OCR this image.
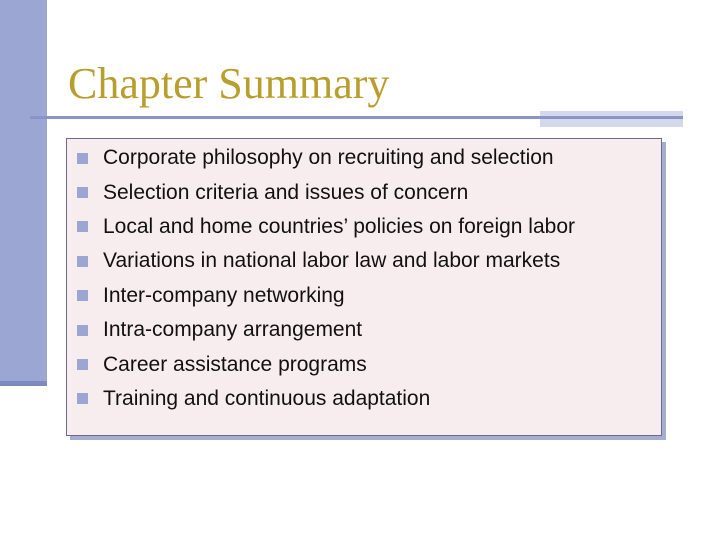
Chapter Summary
Corporate philosophy on recruiting and selection
Selection criteria and issues of concern
Local and home countries’ policies on foreign labor
Variations in national labor law and labor markets
Inter-company networking
Intra-company arrangement
Career assistance programs
Training and continuous adaptation
